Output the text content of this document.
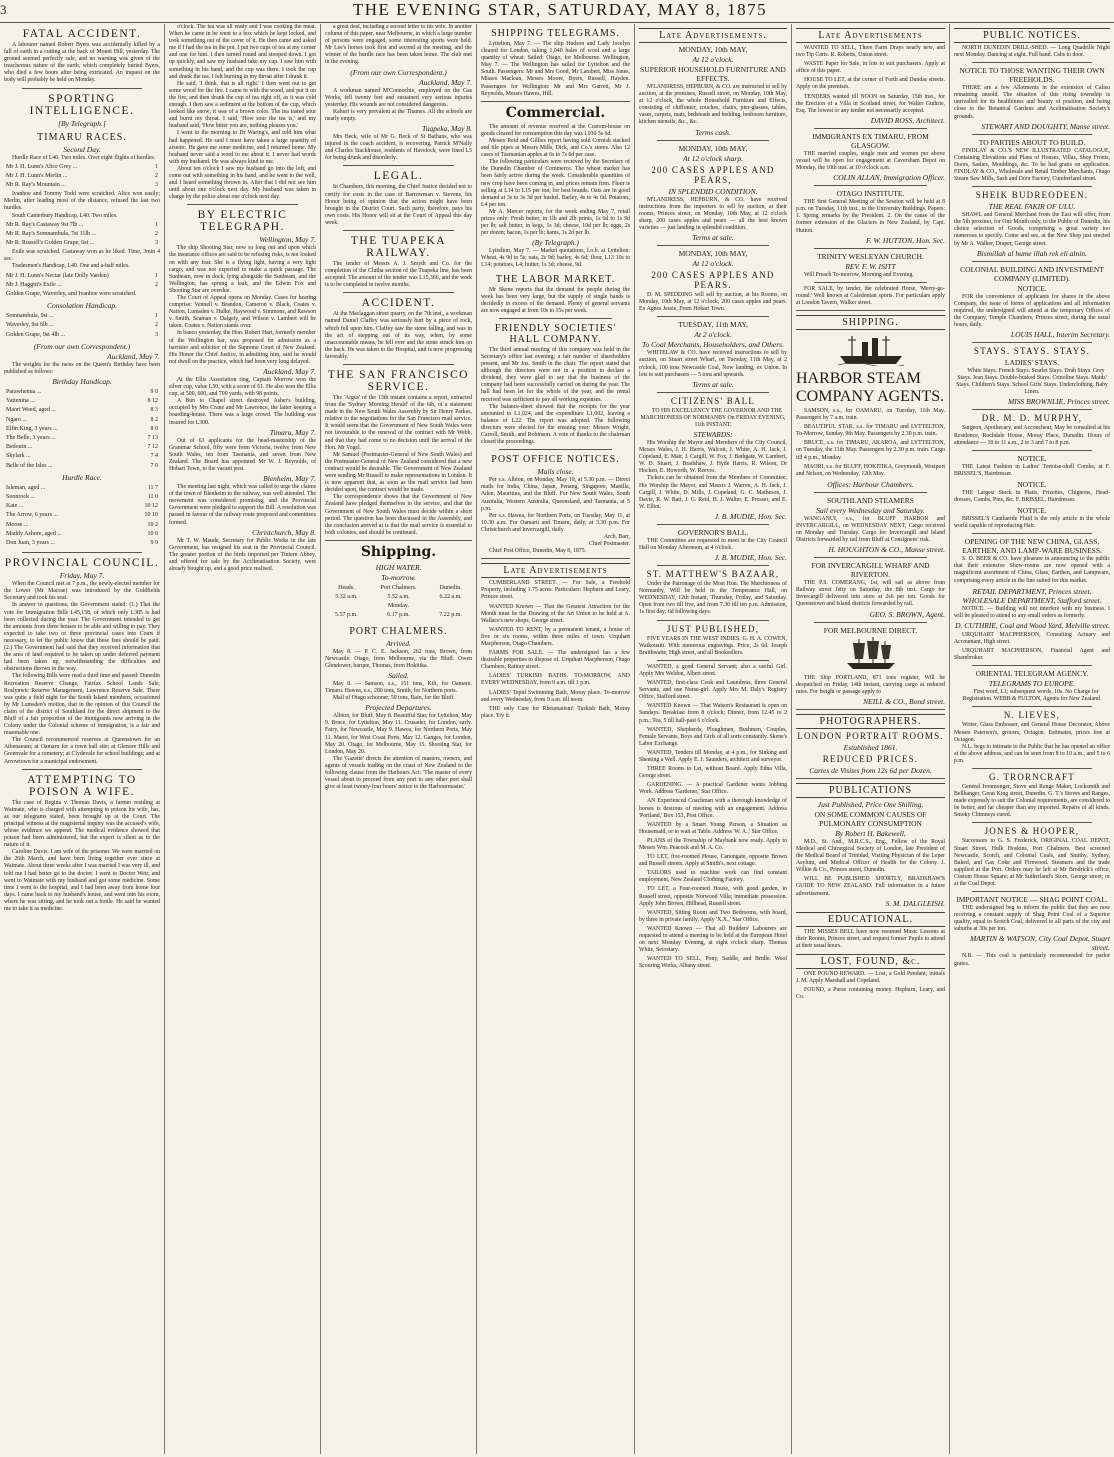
3	THE EVENING STAR, SATURDAY, MAY 8, 1875
FATAL ACCIDENT.

A labourer named Robert Byers was accidentally killed by a fall of earth in a cutting at the back of Mount Hill, yesterday. The ground seemed perfectly safe, and no warning was given of the treacherous nature of the earth, which completely buried Byers, who died a few hours after being extricated. An inquest on the body will probably be held on Monday.

SPORTING INTELLIGENCE.
[By Telegraph.]
TIMARU RACES.
Second Day.

Hurdle Race of L40. Two miles. Over eight flights of hurdles.

Mr J. H. Lunn's Alice Grey ...	1
Mr J. H. Lunn's Merlin ...	2
Mr R. Ray's Mountain ...	3

Ivanhoe and Tommy Todd were scratched. Alice won easily; Merlin, after leading most of the distance, refused the last two hurdles.

South Canterbury Handicap, L40. Two miles.

Mr R. Ray's Castaway 9st 7lb ...	1
Mr R. Ray's Somnambula, 7st 11lb ...	2
Mr R. Russell's Golden Grape, 6st ...	3

Exile was scratched. Castaway won as he liked. Time, 3min 4 sec.

Tradesmen's Handicap, L40. One and a-half miles.

Mr J. H. Lunn's Nectar (late Dolly Varden)	1
Mr J. Haggitt's Exile ...	2
Golden Grape, Waverley, and Ivanhoe were scratched.	
Consolation Handicap.
Somnambula, 9st ...	1
Waverley, 9st 6lb ...	2
Golden Grape, 9st 4lb ...	3
(From our own Correspondent.)
Auckland, May 7.

The weights for the races on the Queen's Birthday have been published as follows:

Birthday Handicap.
Parawhenua ...	9 0
Yattenina ...	8 12
Maori Weed, aged ...	8 3
Ngaro ...	8 2
Elfin King, 3 years ...	8 0
The Belle, 3 years ...	7 13
Bedouin ...	7 12
Skylark ...	7 4
Belle of the Isles ...	7 0
Hurdle Race.
Isleman, aged ...	11 7
Soonrock ...	11 0
Kate ...	10 12
The Arrow, 6 years ...	10 10
Moose ...	10 2
Maddy Ashore, aged ...	10 0
Don Juan, 3 years ...	9 9
PROVINCIAL COUNCIL.
Friday, May 7.

When the Council met at 7 p.m., the newly-elected member for the Lower (Mr Macrae) was introduced by the Goldfields Secretary and took his seat.

In answer to questions, the Government stated: (1.) That the vote for Immigration Bills L45,158, of which only L385 is had been collected during the year. The Government intended to get the amounts from three houses to be able and willing to pay. They expected to take two or three provincial cases into Court if necessary, to let the public know that these fees should be paid. (2.) The Government had said that they received information that the area of land required to be taken up under deferred payment had been taken up, notwithstanding the difficulties and obstructions thrown in the way.

The following Bills were read a third time and passed: Dunedin Recreation Reserve Change, Fairfax School Lands Sale, Roslynwic Reserve Management, Lawrence Reserve Sale. There was quite a field night for the South Island members, occasioned by Mr Lumsden's motion, that in the opinion of this Council the claim of the district of Southland for the direct shipment to the Bluff of a fair proportion of the immigrants now arriving in the Colony under the Colonial scheme of immigration, is a fair and reasonable one.

The Council recommenced reserves at Queenstown for an Athenaeum; at Oamaru for a town hall site; at Glenore Hills and Greenvale for a cemetery; at Clydevale for school buildings; and at Arrowtown for a municipal endowment.

ATTEMPTING TO POISON A WIFE.

The case of Regina v. Thomas Davis, a farmer residing at Waimate, who is charged with attempting to poison his wife, has, as our telegrams stated, been brought up at the Court. The principal witness at the magisterial inquiry was the accused's wife, whose evidence we append. The medical evidence showed that poison had been administered, but the expert is silent as to the nature of it.

Caroline Davis: I am wife of the prisoner. We were married on the 26th March, and have been living together ever since at Waimate. About three weeks after I was married I was very ill, and told me I had better go to the doctor. I went to Doctor Weir, and went to Waimate with my husband and got some medicine. Some time I went to the hospital, and I had been away from home four days. I came back to my husband's house, and went into his room, where he was sitting, and he took out a bottle. He said he wanted me to take it as medicine.

o'clock. The tea was all ready and I was cooking the meat. When he came in he went to a box which he kept locked, and took something out of the cover of it. He then came and asked me if I had the tea in the pot. I put two cups of tea at my corner and one for him. I then turned round and stooped down. I got up quickly, and saw my husband take my cup. I saw him with something in his hand, and the cup was there. I took the cup and drank the tea. I felt burning in my throat after I drank it.

He said, 'I think, that is all right.' I then went out to get some wood for the fire. I came in with the wood, and put it on the fire, and then drank the cup of tea right off, as it was cold enough. I then saw a sediment at the bottom of the cup, which looked like snow; it was of a brown color. The tea tasted sour and burnt my throat. I said, 'How sour the tea is,' and my husband said, 'How bitter you are, nothing pleases you.'

I went in the morning to Dr Waring's, and told him what had happened. He said I must have taken a large quantity of arsenic. He gave me some medicine, and I returned home. My husband never said a word to me about it. I never had words with my husband. He was always kind to me.

About ten o'clock I saw my husband go into the loft, and come out with something in his hand, and he went to the well, and I heard something thrown in. After that I did not see him until about one o'clock next day. My husband was taken in charge by the police about one o'clock next day.

BY ELECTRIC TELEGRAPH.
Wellington, May 7.

The ship Shooting Star, now so long out and upon which the insurance offices are said to be refusing risks, is not looked on with any fear. She is a flying light, having a very light cargo, and was not expected to make a quick passage. The Sunbeam, now in dock, lying alongside the Sunbeam, and the Wellington, has sprung a leak, and the Edwin Fox and Shooting Star are overdue.

The Court of Appeal opens on Monday. Cases for hearing comprise: Vennell v. Brandon, Cameron v. Black, Coates v. Nation, Lumsden v. Hulke, Haywood v. Simmons, and Rawson v. Smith. Seaman v. Dalgety, and Wilson v. Lambert will be taken. Coates v. Nation stands over.

In banco yesterday, the Hon. Robert Hart, formerly member of the Wellington bar, was proposed for admission as a barrister and solicitor of the Supreme Court of New Zealand. His Honor the Chief Justice, in admitting him, said he would not dwell on the practice, which had been very long delayed.

Auckland, May 7.

At the Ellis Association ring, Captain Morrow won the silver cup, value L50, with a score of 61. He also won the Ellis cup, at 500, 600, and 700 yards, with 98 points.

A Bun to Chapel street destroyed Asher's building, occupied by Mrs Crane and Mr Lawrence, the latter keeping a boarding-house. There was a large crowd. The building was insured for L300.

Timaru, May 7.

Out of 63 applicants for the head-mastership of the Grammar School, fifty were from Victoria, twelve from New South Wales, ten from Tasmania, and seven from New Zealand. The Board has appointed Mr W. J. Reynolds, of Hobart Town, to the vacant post.

Blenheim, May 7.

The meeting last night, which was called to urge the claims of the town of Blenheim to the railway, was well attended. The movement was considered promising, and the Provincial Government were pledged to support the Bill. A resolution was passed in favour of the railway route proposed and committees formed.

Christchurch, May 8.

Mr T. W. Maude, Secretary for Public Works in the late Government, has resigned his seat in the Provincial Council. The greater portion of the birds imported per Tintern Abbey, and offered for sale by the Acclimatisation Society, were already bought up, and a good price realised.

a great deal, including a second letter to his wife. In another column of this paper, near Melbourne, in which a large number of persons were engaged, some interesting sports were held. Mr Lee's horses took first and second at the meeting, and the winner of the hurdle race has been taken home. The club met in the evening.

(From our own Correspondent.)
Auckland, May 7.

A workman named M'Connochie, employed on the Gas Works, fell twenty feet and sustained very serious injuries yesterday. His wounds are not considered dangerous.

Kahuri is very prevalent at the Thames. All the schools are nearly empty.

Tuapeka, May 8.

Mrs Beck, wife of Mr G. Beck of St Bathans, who was injured in the coach accident, is recovering. Patrick M'Nally and Charles Stackhouse, residents of Havelock, were fined L5 for being drunk and disorderly.

LEGAL.

In Chambers, this morning, the Chief Justice decided not to certify for costs in the case of Barrowman v. Stevens, his Honor being of opinion that the action might have been brought in the District Court. Such party, therefore, pays his own costs. His Honor will sit at the Court of Appeal this day week.

THE TUAPEKA RAILWAY.

The tender of Messrs A. J. Smyth and Co. for the completion of the Clutha section of the Tuapeka line, has been accepted. The amount of the tender was L15,366, and the work is to be completed in twelve months.

ACCIDENT.

At the Maclaggan street quarry, on the 7th inst., a workman named Daniel Claffey was seriously hurt by a piece of rock, which fell upon him. Claffey saw the stone falling, and was in the act of stepping out of its way, when, by some unaccountable means, he fell over and the stone struck him on the back. He was taken to the Hospital, and is now progressing favorably.

THE SAN FRANCISCO SERVICE.

The 'Argus' of the 13th instant contains a report, extracted from the 'Sydney Morning Herald' of the 6th, of a statement made in the New South Wales Assembly by Sir Henry Parkes, relative to the negotiations for the San Francisco mail service. It would seem that the Government of New South Wales were not favourable to the renewal of the contract with Mr Webb, and that they had come to no decision until the arrival of the Hon. Mr Vogel.

Mr Samuel (Postmaster-General of New South Wales) and the Postmaster-General of New Zealand considered that a new contract would be desirable. The Government of New Zealand were sending Mr Russell to make representations in London. It is now apparent that, as soon as the mail service had been decided upon, the contract would be made.

The correspondence shows that the Government of New Zealand have pledged themselves to the service, and that the Government of New South Wales must decide within a short period. The question has been discussed in the Assembly, and the conclusion arrived at is that the mail service is essential to both colonies, and should be continued.

Shipping.
HIGH WATER.
To-morrow.
Heads.	Port Chalmers.	Dunedin.
5.32 a.m.	5.52 a.m.	6.22 a.m.
Monday.		
5.57 p.m.	6.17 p.m.	7.22 p.m.
PORT CHALMERS.
Arrived.

May 8. — P. C. E. Jackson, 262 tons, Brown, from Newcastle. Otago, from Melbourne, via the Bluff. Owen Glendower, barque, Thomas, from Hokitika.

Sailed.

May 8. — Samson, s.s., 151 tons, Kilt, for Oamaru. Timaru. Hawea, s.s., 280 tons, Smith, for Northern ports.

Mail of Otago schooner, 50 tons, Bain, for the Bluff.

Projected Departures.

Albion, for Bluff, May 8. Beautiful Star, for Lyttelton, May 9. Bruce, for Lyttelton, May 11. Crusader, for London, early. Fairy, for Newcastle, May 9. Hawea, for Northern Ports, May 11. Maori, for West Coast Ports, May 12. Ganges, for London, May 20. Otago, for Melbourne, May 15. Shooting Star, for London, May 20.

The 'Gazette' directs the attention of masters, owners, and agents of vessels trading on the coast of New Zealand to the following clause from the Harbours Act: 'The master of every vessel about to proceed from any port to any other port shall give at least twenty-four hours' notice to the Harbourmaster.'

SHIPPING TELEGRAMS.

Lyttelton, May 7. — The ship Hudson and Lady Jocelyn cleared for London, taking 1,040 bales of wool and a large quantity of wheat. Sailed: Otago, for Melbourne. Wellington, May 7. — The Wellington has sailed for Lyttelton and the South. Passengers: Mr and Mrs Good, Mr Lambert, Miss Jones, Misses Maclean, Messrs Moore, Byers, Russell, Hayden. Passengers for Wellington: Mr and Mrs Garrett, Mr J. Reynolds, Messrs Hawes, Hill.

Commercial.

The amount of revenue received at the Custom-house on goods cleared for consumption this day was L930 5s 6d.

Messrs Reid and Gillies report having sold Cornish stacked and tile pipes at Messrs Mills, Dick, and Co.'s stores. Also 12 cases of Tasmanian apples at 6s to 7s 6d per case.

The following particulars were received by the Secretary of the Dunedin Chamber of Commerce. The wheat market has been fairly active during the week. Considerable quantities of new crop have been coming in, and prices remain firm. Flour is selling at L14 to L15 per ton, for best brands. Oats are in good demand at 3s to 3s 3d per bushel. Barley, 4s to 4s 6d. Potatoes, L4 per ton.

Mr A. Mercer reports, for the week ending May 7, retail prices only: Fresh butter, in 1lb and 2lb prints, 1s 6d to 1s 9d per lb; salt butter, in kegs, 1s 3d; cheese, 10d per lb; eggs, 2s per dozen; bacon, 1s per lb; hams, 1s 2d per lb.

(By Telegraph.)

Lyttelton, May 7. — Market quotations, f.o.b. at Lyttelton: Wheat, 4s 9d to 5s; oats, 2s 9d; barley, 4s 6d; flour, L13 10s to L14; potatoes, L4; butter, 1s 3d; cheese, 9d.

THE LABOR MARKET.

Mr Skene reports that the demand for people during the week has been very large, but the supply of single hands is decidedly in excess of the demand. Plenty of general servants are now engaged at from 10s to 15s per week.

FRIENDLY SOCIETIES' HALL COMPANY.

The third annual meeting of this company was held in the Secretary's office last evening; a fair number of shareholders present, and Mr Jos. Smith in the chair. The report stated that although the directors were not in a position to declare a dividend, they were glad to say that the business of the company had been successfully carried on during the year. The hall had been let for the whole of the year, and the rental received was sufficient to pay all working expenses.

The balance-sheet showed that the receipts for the year amounted to L1,024, and the expenditure L1,002, leaving a balance of L22. The report was adopted. The following directors were elected for the ensuing year: Messrs Wright, Carroll, Smith, and Robinson. A vote of thanks to the chairman closed the proceedings.

POST OFFICE NOTICES.
Mails close.

Per s.s. Albion, on Monday, May 10, at 5.30 p.m. — Direct mails for India, China, Japan, Penang, Singapore, Manilla, Aden, Mauritius, and the Bluff. For New South Wales, South Australia, Western Australia, Queensland, and Tasmania, at 5 p.m.

Per s.s. Hawea, for Northern Ports, on Tuesday, May 11, at 10.30 a.m. For Oamaru and Timaru, daily, at 3.30 p.m. For Christchurch and Invercargill, daily.

Arch. Barr,
Chief Postmaster.

Chief Post Office, Dunedin, May 8, 1875.

Late Advertisements

CUMBERLAND STREET. — For Sale, a Freehold Property, including 1.75 acres. Particulars: Hepburn and Leary, Princes street.

WANTED Known — That the Greatest Attraction for the Month must be the Drawing of the Art Union to be held at A. Wallace's new shops, George street.

WANTED TO RENT, by a permanent tenant, a house of five or six rooms, within three miles of town. Urquhart Macpherson, Otago Chambers.

FARMS FOR SALE. — The undersigned has a few desirable properties to dispose of. Urquhart Macpherson, Otago Chambers, Rattray street.

LADIES' TURKISH BATHS. TO-MORROW, AND EVERY WEDNESDAY, from 9 a.m. till 1 p.m.

LADIES' Tepid Swimming Bath, Moray place. To-morrow and every Wednesday, from 9 a.m. till noon.

THE only Cure for Rheumatism! Turkish Bath, Moray place. Try it.

Late Advertisements.
MONDAY, 10th MAY,
At 12 o'clock.
SUPERIOR HOUSEHOLD FURNITURE AND EFFECTS.

M'LANDRESS, HEPBURN, & CO. are instructed to sell by auction, at the premises, Russell street, on Monday, 10th May, at 12 o'clock, the whole Household Furniture and Effects, consisting of chiffonier, couches, chairs, pier-glasses, tables, vases, carpets, mats, bedsteads and bedding, bedroom furniture, kitchen utensils, &c., &c.

Terms cash.
MONDAY, 10th MAY,
At 12 o'clock sharp.
200 CASES APPLES AND PEARS,
IN SPLENDID CONDITION.

M'LANDRESS, HEPBURN, & CO. have received instructions from the importers to sell by auction, at their rooms, Princes street, on Monday, 10th May, at 12 o'clock sharp, 200 cases apples and pears — all the best known varieties — just landing in splendid condition.

Terms at sale.
MONDAY, 10th MAY,
At 12 o'clock.
200 CASES APPLES AND PEARS.

D. M. SPEDDING will sell by auction, at his Rooms, on Monday, 10th May, at 12 o'clock, 200 cases apples and pears. Ex Agnes Jessie, From Hobart Town.

TUESDAY, 11th MAY,
At 2 o'clock.
To Coal Merchants, Householders, and Others.

WHITELAW & CO. have received instructions to sell by auction, on Stuart street Wharf, on Tuesday, 11th May, at 2 o'clock, 100 tons Newcastle Coal, Now landing, ex Union. In lots to suit purchasers — 5 tons and upwards.

Terms at sale.
CITIZENS' BALL

TO HIS EXCELLENCY THE GOVERNOR AND THE MARCHIONESS OF NORMANBY On FRIDAY EVENING, 11th INSTANT.

STEWARDS:

His Worship the Mayor and Members of the City Council, Messrs Wales, J. H. Harris, Walcott, J. White, A. H. Jack, J. Copeland, E. Mair, J. Cargill, W. Fox, J. Bathgate, W. Lambert, W. D. Stuart, J. Bradshaw, J. Hyde Harris, R. Wilson, Dr Hocken, E. Howorth, W. Reeves.

Tickets can be obtained from the Members of Committee; His Worship the Mayor, and Messrs J. Warren, A. H. Jack, J. Cargill, J. White, D. Mills, J. Copeland, G. C. Matheson, J. Davie, R. W. Batt, J. G. Reid, H. J. Walter, E. Prosser, and E. W. Elliot.

J. B. MUDIE, Hon. Sec.
GOVERNOR'S BALL.

THE Committee are requested to meet in the City Council Hall on Monday Afternoon, at 4 o'clock.

J. B. MUDIE, Hon. Sec.
ST. MATTHEW'S BAZAAR,

Under the Patronage of the Most Hon. The Marchioness of Normanby, Will be held in the Temperance Hall, on WEDNESDAY, 12th Instant, Thursday, Friday, and Saturday. Open from two till five, and from 7.30 till ten p.m. Admission, 1s first day; 6d following days.

JUST PUBLISHED,

FIVE YEARS IN THE WEST INDIES. G. H. A. COWEN, Waikouaiti. With numerous engravings. Price, 2s 6d. Joseph Braithwaite, High street, and all Booksellers.

WANTED, a good General Servant; also a useful Girl. Apply Mrs Weldon, Albert street.

WANTED, first-class Cook and Laundress, three General Servants, and one Nurse-girl. Apply Mrs M. Daly's Registry Office, Stafford street.

WANTED Known — That Watson's Restaurant is open on Sundays. Breakfast from 8 o'clock; Dinner, from 12.45 to 2 p.m.; Tea, 5 till half-past 6 o'clock.

WANTED, Shepherds, Ploughmen, Bushmen, Couples, Female Servants, Boys and Girls of all sorts constantly. Skene's Labor Exchange.

WANTED, Tenders till Monday, at 4 p.m., for Sinking and Sheeting a Well. Apply E. J. Saunders, architect and surveyor.

THREE Rooms to Let, without Board. Apply Edna Villa, George street.

GARDENING. — A practical Gardener wants Jobbing Work. Address 'Gardener,' Star Office.

AN Experienced Coachman with a thorough knowledge of horses is desirous of meeting with an engagement. Address 'Portland,' Box 153, Post Office.

WANTED by a Smart Young Person, a Situation as Housemaid, or to wait at Table. Address 'W. A.,' Star Office.

PLANS of the Township of Maybank now ready. Apply to Messrs Wm. Peacock and M. A. Co.

TO LET, five-roomed House, Canongate, opposite Brown and Russell streets. Apply at Smith's, next cottage.

TAILORS used to machine work can find constant employment, New Zealand Clothing Factory.

TO LET, a Four-roomed House, with good garden, in Russell street, opposite Norwood Villa; immediate possession. Apply John Brown, Hillhead, Russell street.

WANTED, Sitting Room and Two Bedrooms, with board, by three in private family. Apply 'X.X.,' Star Office.

WANTED Known — That all Builders' Labourers are requested to attend a meeting to be held at the European Hotel on next Monday Evening, at eight o'clock sharp. Thomas White, Secretary.

WANTED TO SELL, Pony, Saddle, and Bridle. Wool Scouring Works, Albany street.

Late Advertisements

WANTED TO SELL, Three Farm Drays nearly new, and two Tip Carts. R. Roberts, Union street.

WASTE Paper for Sale, in lots to suit purchasers. Apply at office of this paper.

HOUSE TO LET, at the corner of Forth and Dundas streets. Apply on the premises.

TENDERS wanted till NOON on Saturday, 15th inst., for the Erection of a Villa in Scotland street, for Walter Guthrie, Esq. The lowest or any tender not necessarily accepted.

DAVID ROSS, Architect.
IMMIGRANTS EX TIMARU, FROM GLASGOW.

THE married couples, single men and women per above vessel will be open for engagement at Caversham Depot on Monday, the 10th inst. at 10 o'clock a.m.

COLIN ALLAN, Immigration Officer.
OTAGO INSTITUTE.

THE first General Meeting of the Session will be held at 8 p.m. on Tuesday, 11th inst., in the University Buildings. Papers: 1. Spring remarks by the President. 2. On the cause of the former extension of the Glaciers in New Zealand, by Capt. Hutton.

F. W. HUTTON, Hon. Sec.
TRINITY WESLEYAN CHURCH.
REV. F. W. ISITT

Will Preach To-morrow, Morning and Evening.

FOR SALE, by tender, the celebrated Horse, 'Merry-go-round.' Well known at Caledonian sports. For particulars apply at London Tavern, Walker street.

SHIPPING.
HARBOR STEAM COMPANY AGENTS.

SAMSON, s.s., for OAMARU, on Tuesday, 11th May. Passengers by 7 a.m. train.

BEAUTIFUL STAR, s.s. for TIMARU and LYTTELTON, To-Morrow, Sunday, 9th May. Passengers by 2.30 p.m. train.

BRUCE, s.s. for TIMARU, AKAROA, and LYTTELTON, on Tuesday, the 11th May. Passengers by 2.30 p.m. train. Cargo till 4 p.m., Monday.

MAORI, s.s. for BLUFF, HOKITIKA, Greymouth, Westport and Nelson, on Wednesday, 12th May.

Offices: Harbour Chambers.
SOUTHLAND STEAMERS
Sail every Wednesday and Saturday.

WANGANUI, s.s., for BLUFF HARBOR and INVERCARGILL, on WEDNESDAY NEXT, Cargo received on Monday and Tuesday. Cargo for Invercargill and Island Districts forwarded by rail from Bluff at Consignees' risk.

H. HOUGHTON & CO., Manse street.
FOR INVERCARGILL WHARF AND RIVERTON.

THE P.S. COMERANG, 1st, will sail as above from Railway street Jetty on Saturday, the 8th inst. Cargo for Invercargill delivered into store at 2s6 per ton. Goods for Queenstown and Island districts forwarded by rail.

GEO. S. BROWN, Agent.
FOR MELBOURNE DIRECT.

THE Ship PORTLAND, 871 tons register, Will be despatched on Friday, 14th instant, carrying cargo at reduced rates. For freight or passage apply to

NEILL & CO., Bond street.
PHOTOGRAPHERS.
LONDON PORTRAIT ROOMS.
Established 1861.
REDUCED PRICES.
Cartes de Visites from 12s 6d per Dozen.
PUBLICATIONS
Just Published, Price One Shilling.
ON SOME COMMON CAUSES OF PULMONARY CONSUMPTION
By Robert H. Bakewell,

M.D., St. And., M.R.C.S., Eng., Fellow of the Royal Medical and Chirurgical Society of London, late President of the Medical Board of Trinidad, Visiting Physician of the Leper Asylum, and Medical Officer of Health for the Colony. J. Wilkie & Co., Princes street, Dunedin.

WILL BE PUBLISHED SHORTLY, BRADSHAW'S GUIDE TO NEW ZEALAND. Full information in a future advertisement.

S. M. DALGLEISH.
EDUCATIONAL.

THE MISSES BELL have now resumed Music Lessons at their Rooms, Princes street, and request former Pupils to attend at their usual hours.

LOST, FOUND, &c.

ONE POUND REWARD. — Lost, a Gold Pendant; initials J. M. Apply Marshall and Copeland.

FOUND, a Purse containing money. Hepburn, Leary, and Co.

PUBLIC NOTICES.

NORTH DUNEDIN DRILL-SHED. — Long Quadrille Night next Monday. Dancing at eight. Full band. Cabs to door.

NOTICE TO THOSE WANTING THEIR OWN FREEHOLDS.

THERE are a few Allotments in the extension of Caliso remaining unsold. The situation of this rising township is unrivalled for its healthiness and beauty of position, and being close to the Botanical Gardens and Acclimatisation Society's grounds.

STEWART AND DOUGHTY, Manse street.
TO PARTIES ABOUT TO BUILD.

FINDLAY & CO.'S NEW ILLUSTRATED CATALOGUE, Containing Elevations and Plans of Houses, Villas, Shop Fronts, Doors, Sashes, Mouldings, &c. To be had gratis on application. FINDLAY & CO., Wholesale and Retail Timber Merchants, Otago Steam Saw Mills, Sash and Door Factory, Cumberland street.

SHEIK BUDREODEEN.
THE REAL FAKIR OF ULU.

SHAWL and General Merchant from the East will offer, from the 5th proximo, for One Month only, to the Public of Dunedin, his choice selection of Goods, comprising a great variety too numerous to specify. Come and see, at the New Shop just erected by Mr A. Walker, Draper, George street.

Bismillah al hume illah rek eli alnin.
COLONIAL BUILDING AND INVESTMENT COMPANY (LIMITED).
NOTICE.

FOR the convenience of applicants for shares in the above Company, the issue of forms of applications and all information required, the undersigned will attend at the temporary Offices of the Company, Temple Chambers, Princes street, during the usual hours, daily.

LOUIS HALL, Interim Secretary.
STAYS. STAYS. STAYS.
LADIES' STAYS.

White Stays. French Stays. Scarlet Stays. Drab Stays. Grey Stays. Jean Stays. Double-busked Stays. Crinoline Stays. Maids' Stays. Children's Stays. School Girls' Stays. Underclothing. Baby Linen.

MISS BROWNLIE, Princes street.
DR. M. D. MURPHY,

Surgeon, Apothecary, and Accoucheur, May be consulted at his Residence, Rochdale House, Moray Place, Dunedin. Hours of attendance — 10 to 11 a.m., 2 to 3 and 7 to 8 p.m.

NOTICE.

THE Latest Fashion in Ladies' Tortoise-shell Combs, at F. BRISSEL'S, Hairdresser.

NOTICE.

THE Largest Stock in Plaits, Frizettes, Chignons, Head-dresses, Combs, Pins, &c. F. BRISSEL, Hairdresser.

NOTICE.

BRISSEL'S Cantharide Fluid is the only article in the whole world capable of reproducing Hair.

OPENING OF THE NEW CHINA, GLASS, EARTHEN, AND LAMP-WARE BUSINESS.

S. D. BEER & CO. have pleasure in announcing to the public that their extensive Show-rooms are now opened with a magnificent assortment of China, Glass, Earthen, and Lampware, comprising every article in the line suited for this market.

RETAIL DEPARTMENT, Princes street. WHOLESALE DEPARTMENT, Stafford street.

NOTICE. — Building will not interfere with my business. I will be pleased to attend to any small orders as formerly.

D. CUTHRIE, Coal and Wood Yard, Melville street.

URQUHART MACPHERSON, Consulting Actuary and Accountant, High street.

URQUHART MACPHERSON, Financial Agent and Sharebroker.

ORIENTAL TELEGRAM AGENCY.
TELEGRAMS TO EUROPE.

First word, L1; subsequent words, 10s. No Charge for Registration. WEBB & FULTON, Agents for New Zealand.

N. LIEVES,

Writer, Glass Embosser, and General House Decorator, Above Messrs Paterson's, grocers, Octagon. Estimates, prices free at Octagon.

N.L. begs to intimate to the Public that he has opened an office at the above address, and can be seen from 8 to 10 a.m., and 5 to 6 p.m.

G. TRORNCRAFT

General Ironmonger, Stove and Range Maker, Locksmith and Bellhanger, Great King street, Dunedin. G. T.'s Stoves and Ranges, made expressly to suit the Colonial requirements, are considered to be better, and far cheaper than any imported. Repairs of all kinds. Smoky Chimneys cured.

JONES & HOOPER,

Successors to G. S. Frederick, ORIGINAL COAL DEPOT, Stuart Street, Hulk Hoskins, Port Chalmers. Best screened Newcastle, Scotch, and Colonial Coals, and Smithy. Sydney, Baked, and Gas Coke and Firewood. Steamers and the trade supplied at the Port. Orders may be left at Mr Brodrick's office, Custom House Square; at Mr Sutherland's Store, George street; or at the Coal Depot.

IMPORTANT NOTICE — SHAG POINT COAL.

THE undersigned beg to inform the public that they are now receiving a constant supply of Shag Point Coal of a Superior quality, equal to Scotch Coal, delivered to all parts of the city and suburbs at 30s per ton.

MARTIN & WATSON, City Coal Depot, Stuart street.

N.B. — This coal is particularly recommended for parlor grates.
